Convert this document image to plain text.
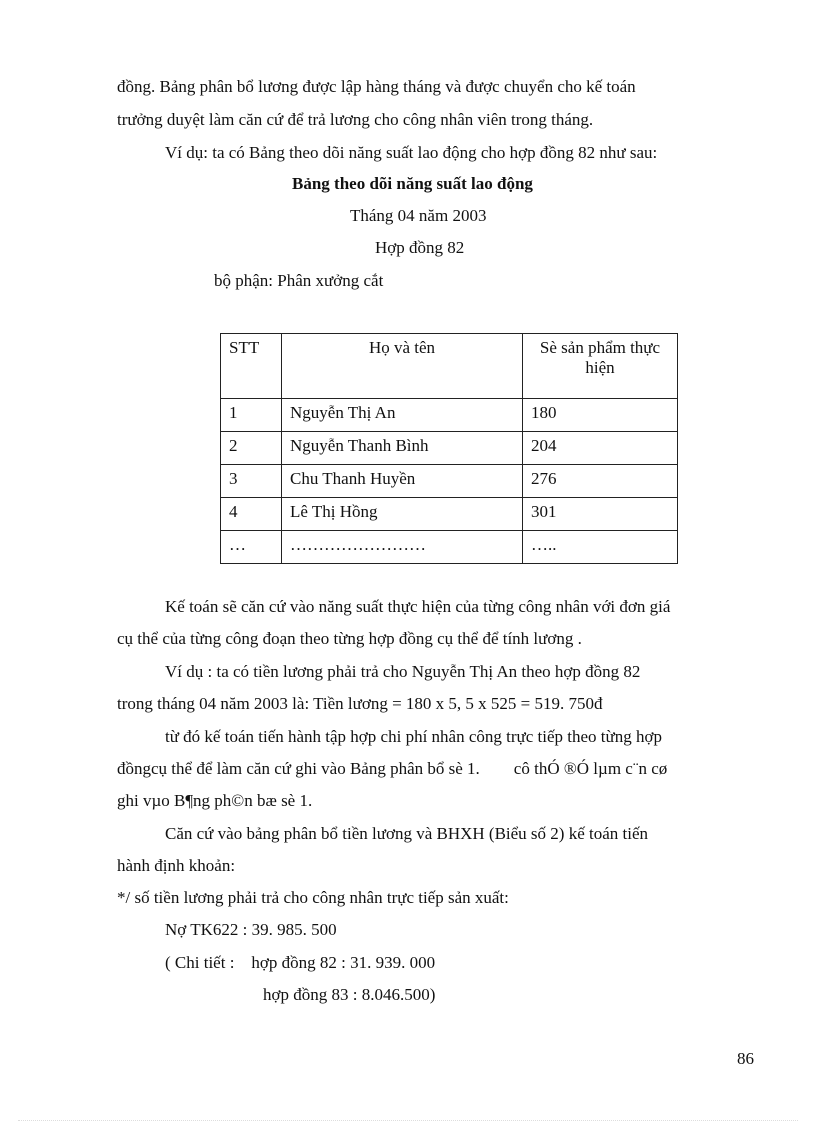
đồng. Bảng phân bổ lương được lập hàng tháng và được chuyển cho kế toán
trưởng duyệt làm căn cứ để trả lương cho công nhân viên trong tháng.
Ví dụ: ta có Bảng theo dõi năng suất lao động cho hợp đồng 82 như sau:
Bảng theo dõi năng suất lao động
Tháng 04 năm 2003
Hợp đồng 82
bộ phận: Phân xưởng cắt
STT	Họ và tên	Sè sản phẩm thực hiện
1	Nguyễn Thị An	180
2	Nguyễn Thanh Bình	204
3	Chu Thanh Huyền	276
4	Lê Thị Hồng	301
…	……………………	…..
Kế toán sẽ căn cứ vào năng suất thực hiện của từng công nhân với đơn giá
cụ thể của từng công đoạn theo từng hợp đồng cụ thể để tính lương .
Ví dụ : ta có tiền lương phải trả cho Nguyễn Thị An theo hợp đồng 82
trong tháng 04 năm 2003 là: Tiền lương = 180 x 5, 5 x 525 = 519. 750đ
từ đó kế toán tiến hành tập hợp chi phí nhân công trực tiếp theo từng hợp
đồngcụ thể để làm căn cứ ghi vào Bảng phân bổ sè 1.        cô thÓ ®Ó lµm c¨n cø
ghi vµo B¶ng ph©n bæ sè 1.
Căn cứ vào bảng phân bổ tiền lương và BHXH (Biểu số 2) kế toán tiến
hành định khoản:
*/ số tiền lương phải trả cho công nhân trực tiếp sản xuất:
Nợ TK622 : 39. 985. 500
( Chi tiết :    hợp đồng 82 : 31. 939. 000
hợp đồng 83 : 8.046.500)
86
